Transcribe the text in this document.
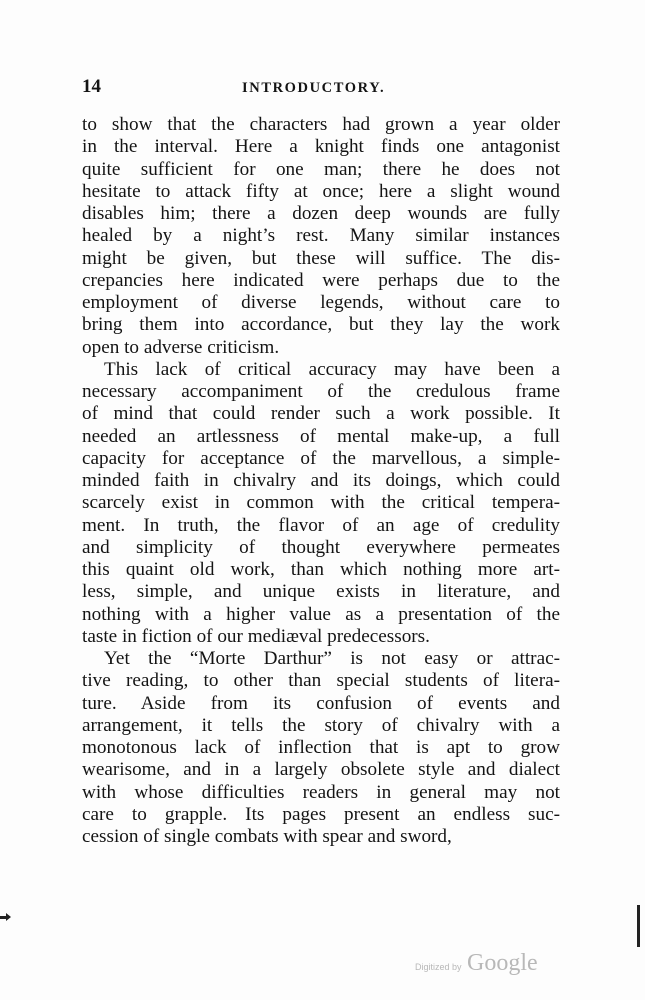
14	INTRODUCTORY.
to show that the characters had grown a year older
in the interval. Here a knight finds one antagonist
quite sufficient for one man; there he does not
hesitate to attack fifty at once; here a slight wound
disables him; there a dozen deep wounds are fully
healed by a night’s rest. Many similar instances
might be given, but these will suffice. The dis-
crepancies here indicated were perhaps due to the
employment of diverse legends, without care to
bring them into accordance, but they lay the work
open to adverse criticism.
This lack of critical accuracy may have been a
necessary accompaniment of the credulous frame
of mind that could render such a work possible. It
needed an artlessness of mental make-up, a full
capacity for acceptance of the marvellous, a simple-
minded faith in chivalry and its doings, which could
scarcely exist in common with the critical tempera-
ment. In truth, the flavor of an age of credulity
and simplicity of thought everywhere permeates
this quaint old work, than which nothing more art-
less, simple, and unique exists in literature, and
nothing with a higher value as a presentation of the
taste in fiction of our mediæval predecessors.
Yet the “Morte Darthur” is not easy or attrac-
tive reading, to other than special students of litera-
ture. Aside from its confusion of events and
arrangement, it tells the story of chivalry with a
monotonous lack of inflection that is apt to grow
wearisome, and in a largely obsolete style and dialect
with whose difficulties readers in general may not
care to grapple. Its pages present an endless suc-
cession of single combats with spear and sword,
Digitized by Google
